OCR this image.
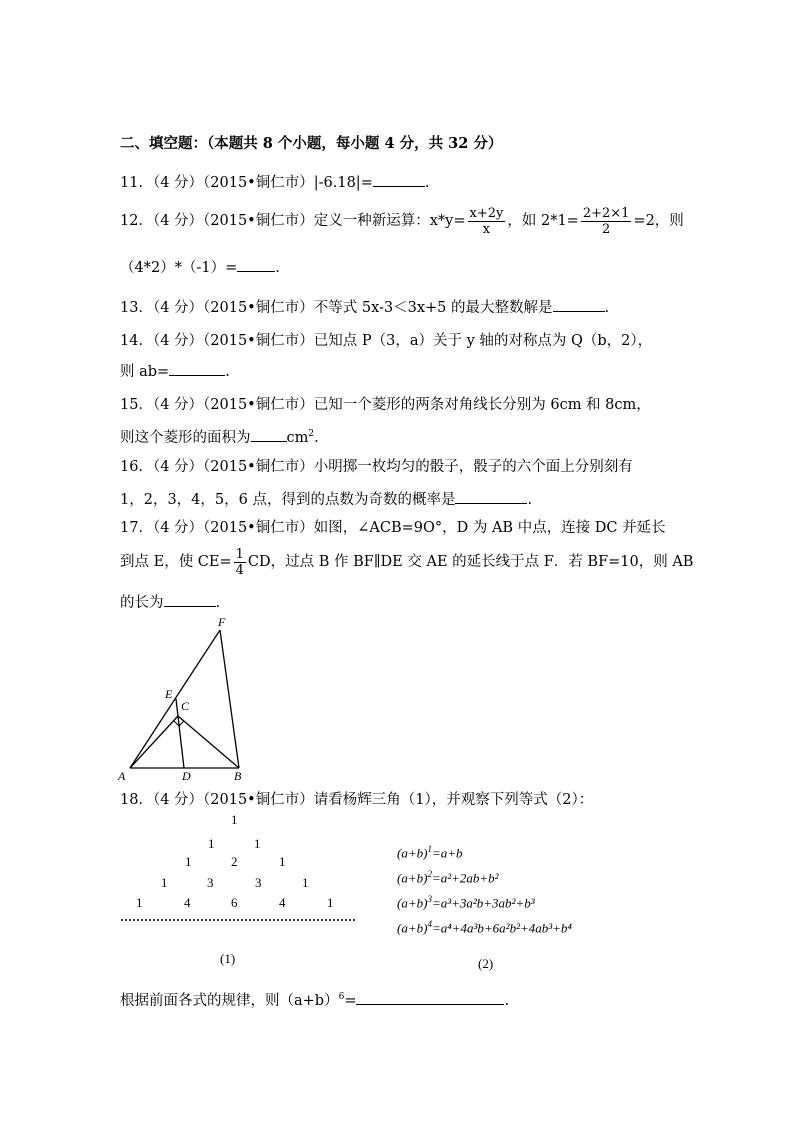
二、填空题：（本题共 8 个小题，每小题 4 分，共 32 分）
11．（4 分）（2015•铜仁市）|-6.18|=	.
12．（4 分）（2015•铜仁市）定义一种新运算：$x*y= \frac{x+2y}{x}$ ，如 $2*1= \frac{2+2\times 1}{2} =2$，则
（4*2）*（-1）=	.
13．（4 分）（2015•铜仁市）不等式 5x-3＜3x+5 的最大整数解是	.
14．（4 分）（2015•铜仁市）已知点 P（3，a）关于 y 轴的对称点为 Q（b，2），
则 ab=	.
15．（4 分）（2015•铜仁市）已知一个菱形的两条对角线长分别为 6cm 和 8cm，
则这个菱形的面积为 $cm^2$.
16．（4 分）（2015•铜仁市）小明掷一枚均匀的骰子，骰子的六个面上分别刻有
1，2，3，4，5，6 点，得到的点数为奇数的概率是	.
17．（4 分）（2015•铜仁市）如图，∠ACB=9O°，D 为 AB 中点，连接 DC 并延长
到点 E，使 $CE= \frac{1}{4}$ CD，过点 B 作 BF∥DE 交 AE 的延长线于点 F．若 BF=10，则 AB
的长为	.
F
E
C
A	D	B
18．（4 分）（2015•铜仁市）请看杨辉三角（1），并观察下列等式（2）：
1
1	1
1	2	1
1	3	3	1
1	4	6	4	1
(1)
$(a+b)^1=a+b$
$(a+b)^2=a^2+2ab+b^2$
$(a+b)^3=a^3+3a^2b+3ab^2+b^3$
$(a+b)^4=a^4+4a^3b+6a^2b^2+4ab^3+b^4$
(2)
根据前面各式的规律，则$(a+b)^6=$	.
